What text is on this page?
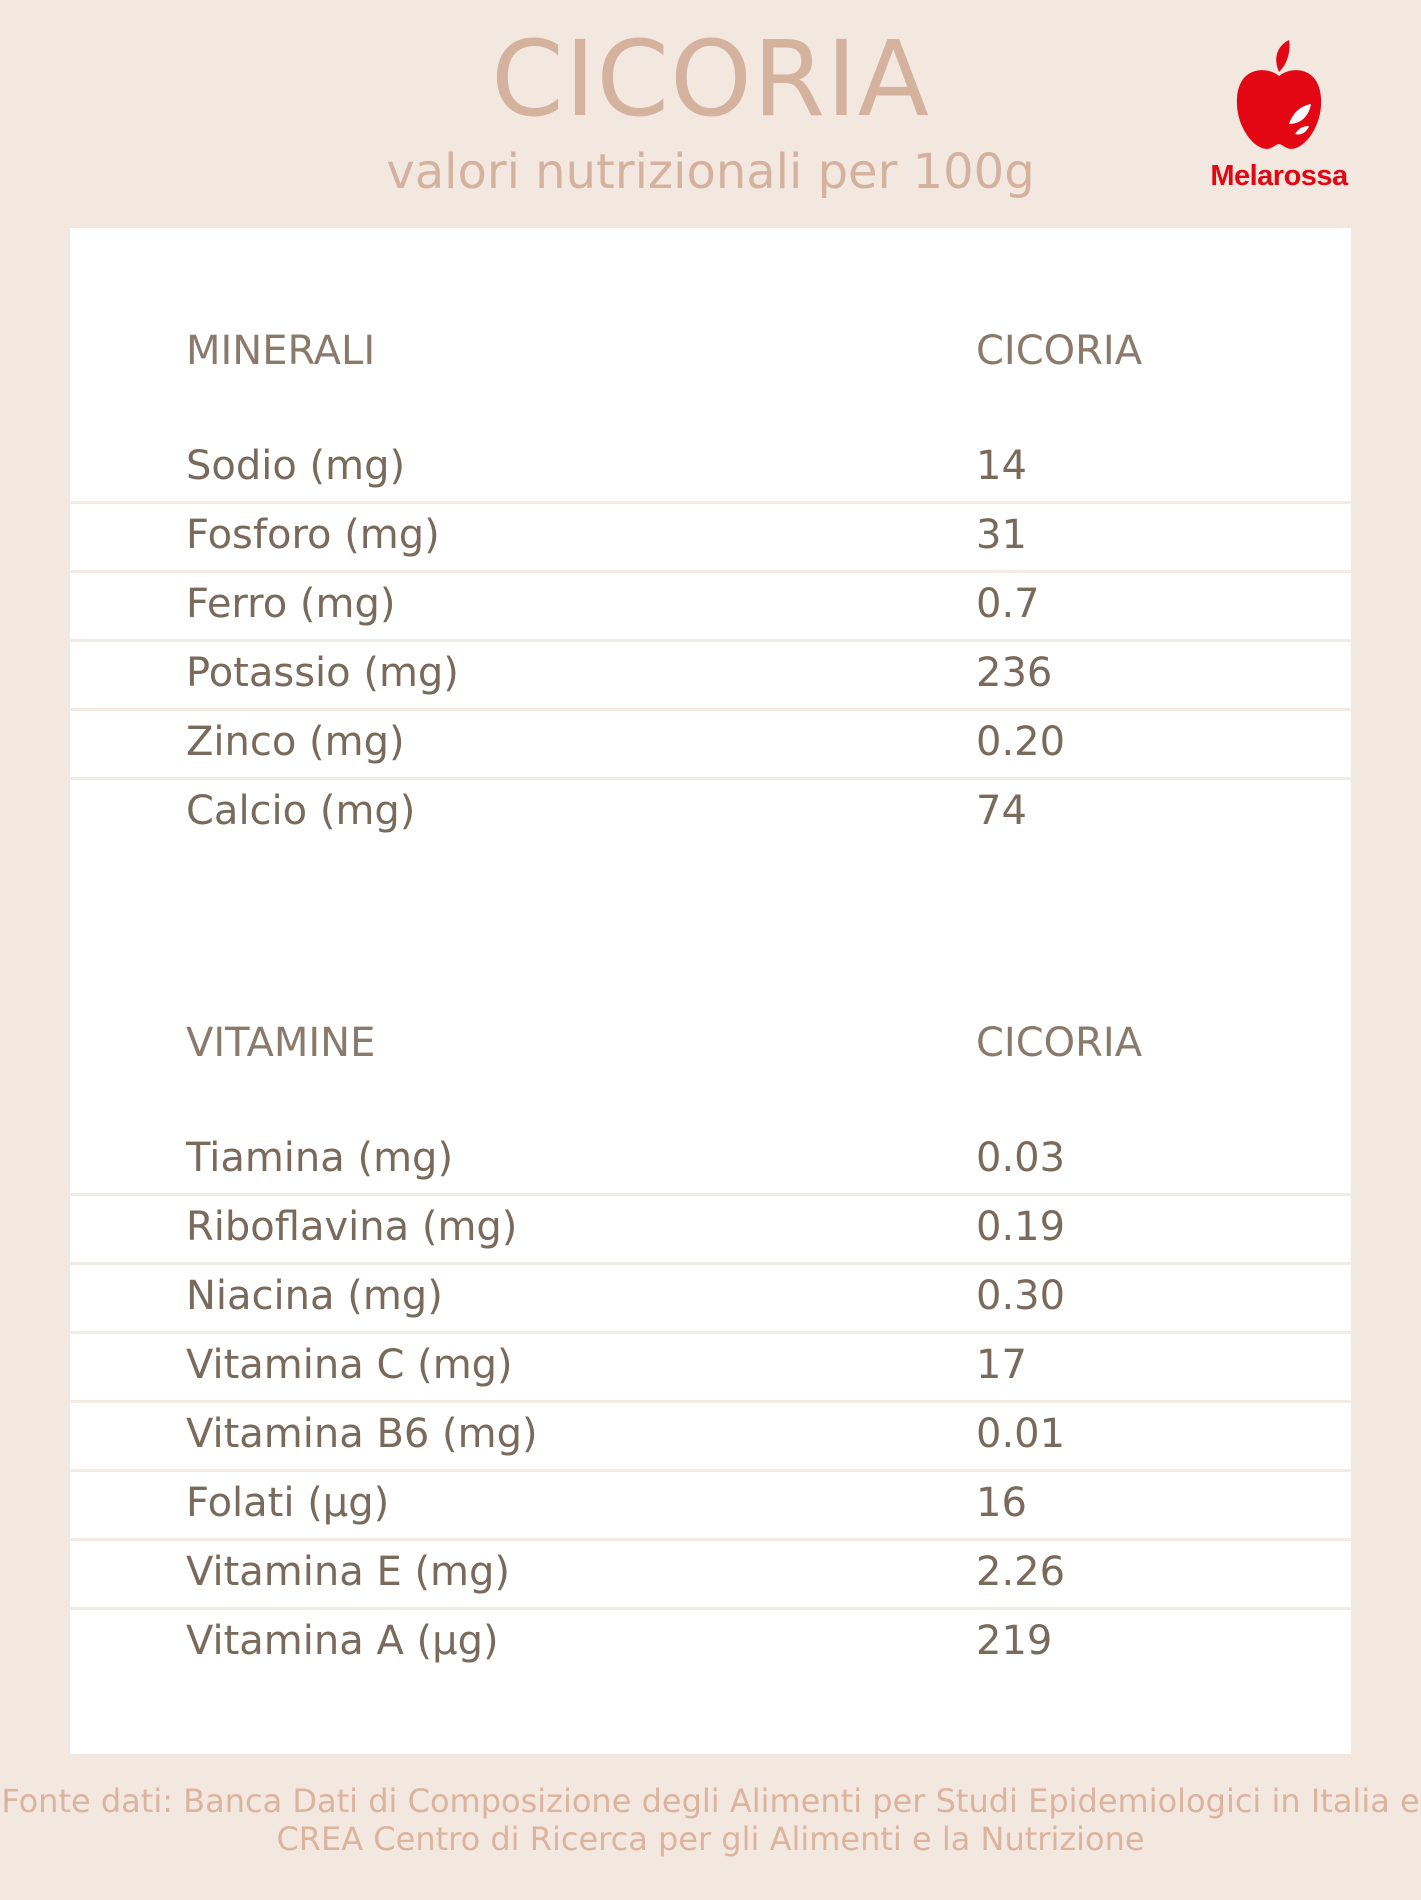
CICORIA
valori nutrizionali per 100g	Melarossa
MINERALI	CICORIA
Sodio (mg)	14
Fosforo (mg)	31
Ferro (mg)	0.7
Potassio (mg)	236
Zinco (mg)	0.20
Calcio (mg)	74
VITAMINE	CICORIA
Tiamina (mg)	0.03
Riboflavina (mg)	0.19
Niacina (mg)	0.30
Vitamina C (mg)	17
Vitamina B6 (mg)	0.01
Folati (µg)	16
Vitamina E (mg)	2.26
Vitamina A (µg)	219
Fonte dati: Banca Dati di Composizione degli Alimenti per Studi Epidemiologici in Italia e
CREA Centro di Ricerca per gli Alimenti e la Nutrizione
